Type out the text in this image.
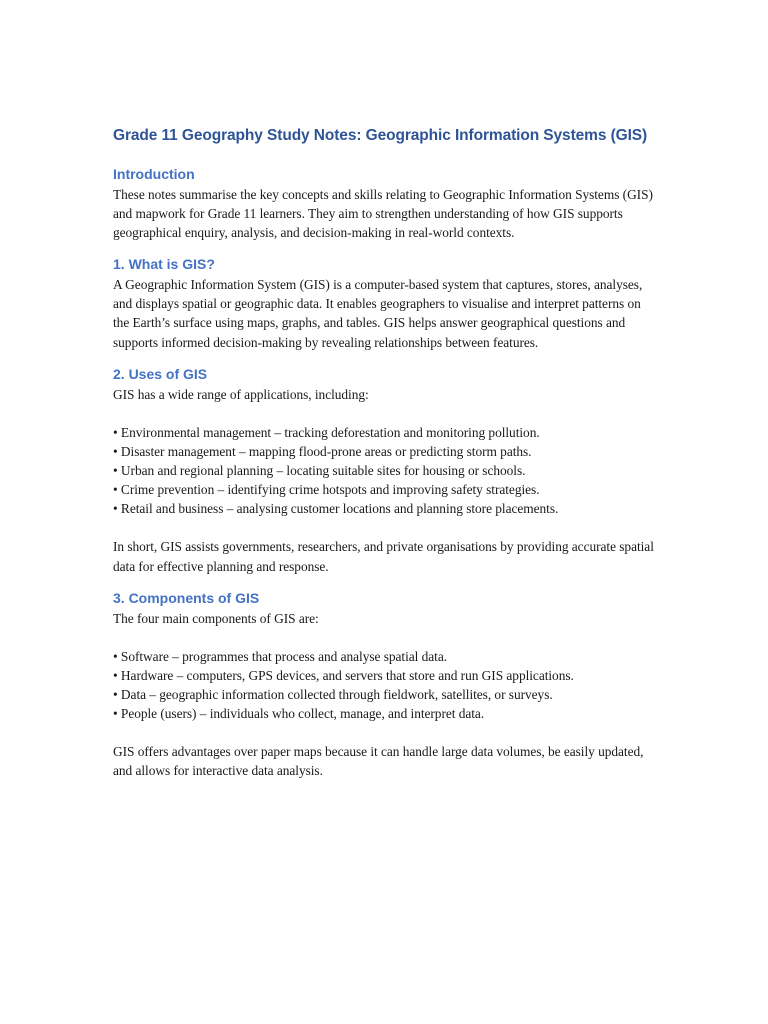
Grade 11 Geography Study Notes: Geographic Information Systems (GIS)
Introduction

These notes summarise the key concepts and skills relating to Geographic Information Systems (GIS) and mapwork for Grade 11 learners. They aim to strengthen understanding of how GIS supports geographical enquiry, analysis, and decision-making in real-world contexts.

1. What is GIS?

A Geographic Information System (GIS) is a computer-based system that captures, stores, analyses, and displays spatial or geographic data. It enables geographers to visualise and interpret patterns on the Earth’s surface using maps, graphs, and tables. GIS helps answer geographical questions and supports informed decision-making by revealing relationships between features.

2. Uses of GIS

GIS has a wide range of applications, including:

• Environmental management – tracking deforestation and monitoring pollution.
• Disaster management – mapping flood-prone areas or predicting storm paths.
• Urban and regional planning – locating suitable sites for housing or schools.
• Crime prevention – identifying crime hotspots and improving safety strategies.
• Retail and business – analysing customer locations and planning store placements.

In short, GIS assists governments, researchers, and private organisations by providing accurate spatial data for effective planning and response.

3. Components of GIS

The four main components of GIS are:

• Software – programmes that process and analyse spatial data.
• Hardware – computers, GPS devices, and servers that store and run GIS applications.
• Data – geographic information collected through fieldwork, satellites, or surveys.
• People (users) – individuals who collect, manage, and interpret data.

GIS offers advantages over paper maps because it can handle large data volumes, be easily updated, and allows for interactive data analysis.
